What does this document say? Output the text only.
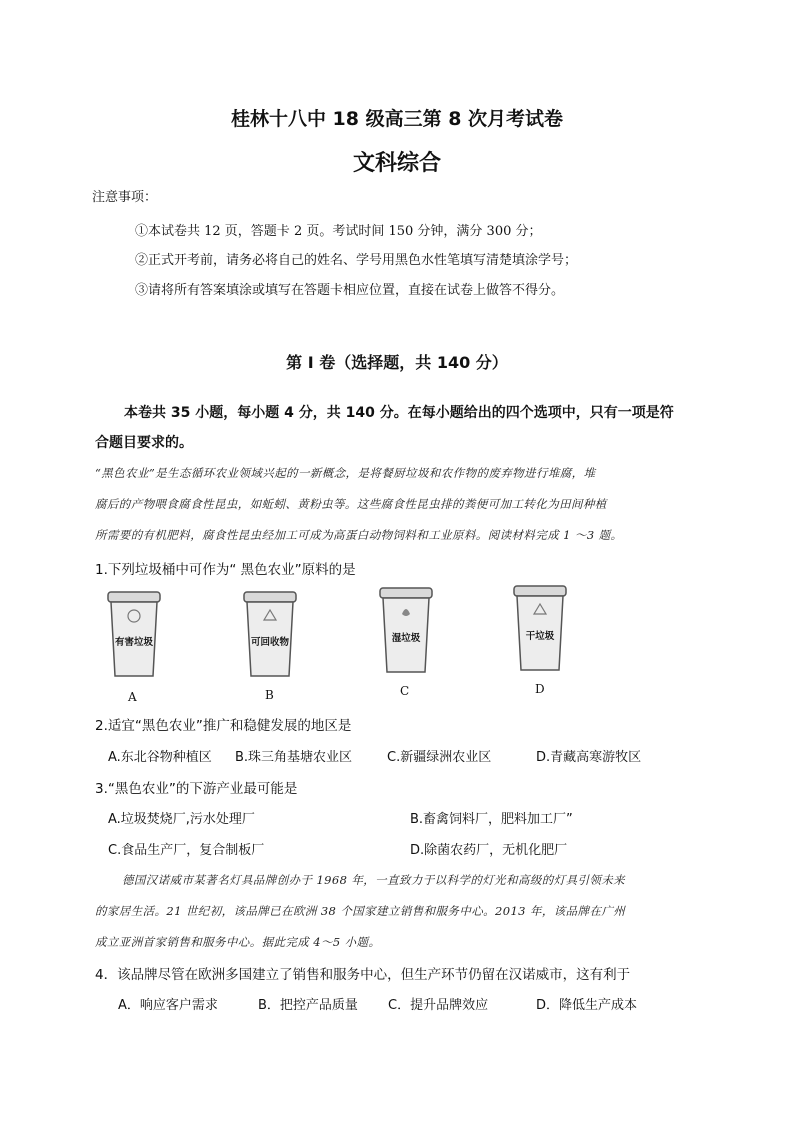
桂林十八中 18 级高三第 8 次月考试卷
文科综合
注意事项：
①本试卷共 12 页，答题卡 2 页。考试时间 150 分钟，满分 300 分；
②正式开考前，请务必将自己的姓名、学号用黑色水性笔填写清楚填涂学号；
③请将所有答案填涂或填写在答题卡相应位置，直接在试卷上做答不得分。
第 I 卷（选择题，共 140 分）
本卷共 35 小题，每小题 4 分，共 140 分。在每小题给出的四个选项中，只有一项是符
合题目要求的。
“黑色农业”是生态循环农业领域兴起的一新概念，是将餐厨垃圾和农作物的废弃物进行堆腐，堆
腐后的产物喂食腐食性昆虫，如蚯蚓、黄粉虫等。这些腐食性昆虫排的粪便可加工转化为田间种植
所需要的有机肥料，腐食性昆虫经加工可成为高蛋白动物饲料和工业原料。阅读材料完成 1 ～3 题。
1.下列垃圾桶中可作为“ 黑色农业”原料的是
有害垃圾
A
可回收物
B
湿垃圾
C
干垃圾
D
2.适宜“黑色农业”推广和稳健发展的地区是
A.东北谷物种植区 B.珠三角基塘农业区	C.新疆绿洲农业区	D.青藏高寒游牧区
3.“黑色农业”的下游产业最可能是
A.垃圾焚烧厂,污水处理厂	B.畜禽饲料厂，肥料加工厂”
C.食品生产厂，复合制板厂	D.除菌农药厂，无机化肥厂
德国汉诺威市某著名灯具品牌创办于 1968 年，一直致力于以科学的灯光和高级的灯具引领未来
的家居生活。21 世纪初，该品牌已在欧洲 38 个国家建立销售和服务中心。2013 年，该品牌在广州
成立亚洲首家销售和服务中心。据此完成 4～5 小题。
4．该品牌尽管在欧洲多国建立了销售和服务中心，但生产环节仍留在汉诺威市，这有利于
A．响应客户需求	B．把控产品质量 C．提升品牌效应	D．降低生产成本
